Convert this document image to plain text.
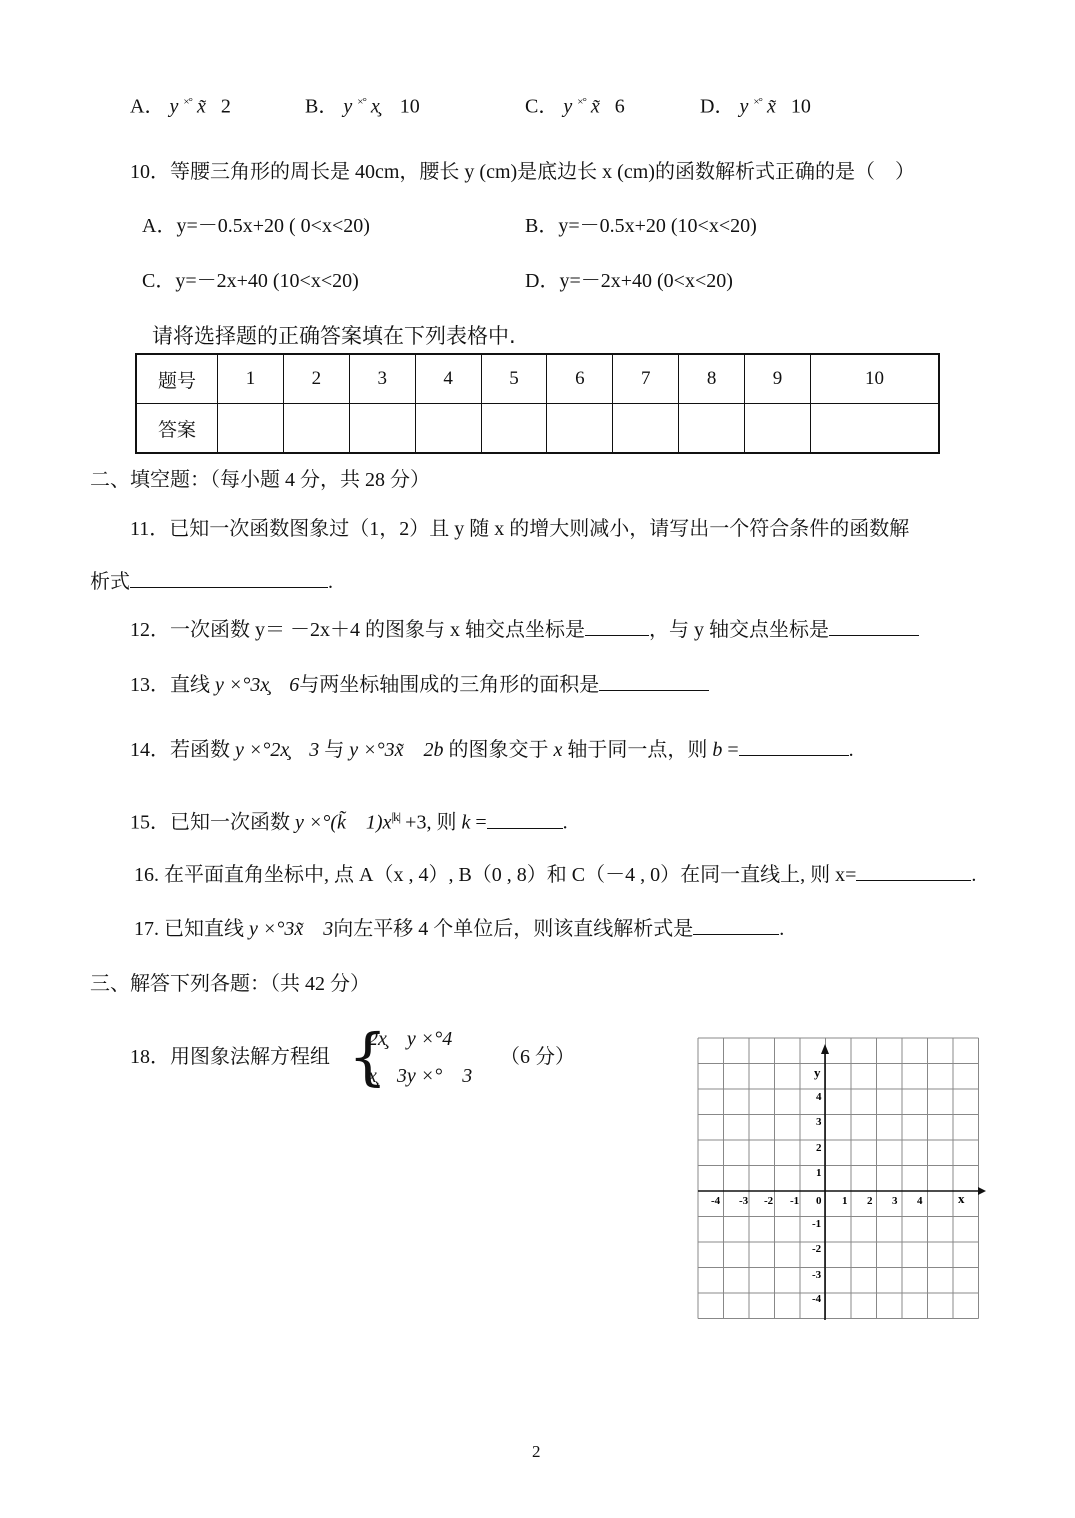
A． y ×° x̃ 2	B． y ×° x̧ 10	C． y ×° x̃ 6	D． y ×° x̃ 10
10．等腰三角形的周长是 40cm，腰长 y (cm)是底边长 x (cm)的函数解析式正确的是（　）
A．y=－0.5x+20 ( 0<x<20)	B．y=－0.5x+20 (10<x<20)
C．y=－2x+40 (10<x<20)	D．y=－2x+40 (0<x<20)
请将选择题的正确答案填在下列表格中.
题号	1	2	3	4	5	6	7	8	9	10
答案										
二、填空题：（每小题 4 分，共 28 分）
11．已知一次函数图象过（1，2）且 y 随 x 的增大则减小，请写出一个符合条件的函数解
析式	.
12．一次函数 y＝ －2x＋4 的图象与 x 轴交点坐标是	，与 y 轴交点坐标是
13．直线 y ×°3x̧　6与两坐标轴围成的三角形的面积是
14．若函数 y ×°2x̧　3 与 y ×°3x̃　2b 的图象交于 x 轴于同一点，则 b =	.
15．已知一次函数 y ×°(k̃　$1)x^{|k|} +3$, 则 k =	.
16. 在平面直角坐标中, 点 A（x , 4）, B（0 , 8）和 C（－4 , 0）在同一直线上, 则 x=	.
17. 已知直线 y ×°3x̃　3向左平移 4 个单位后，则该直线解析式是	.
三、解答下列各题：（共 42 分）
18．用图象法解方程组 {
2x̧　y ×°4
x̧　3y ×°　3
（6 分）
-4 -3 -2 -1 0 1 2 3 4
4
3
2
1
-1
-2
-3
-4
x
y
2
